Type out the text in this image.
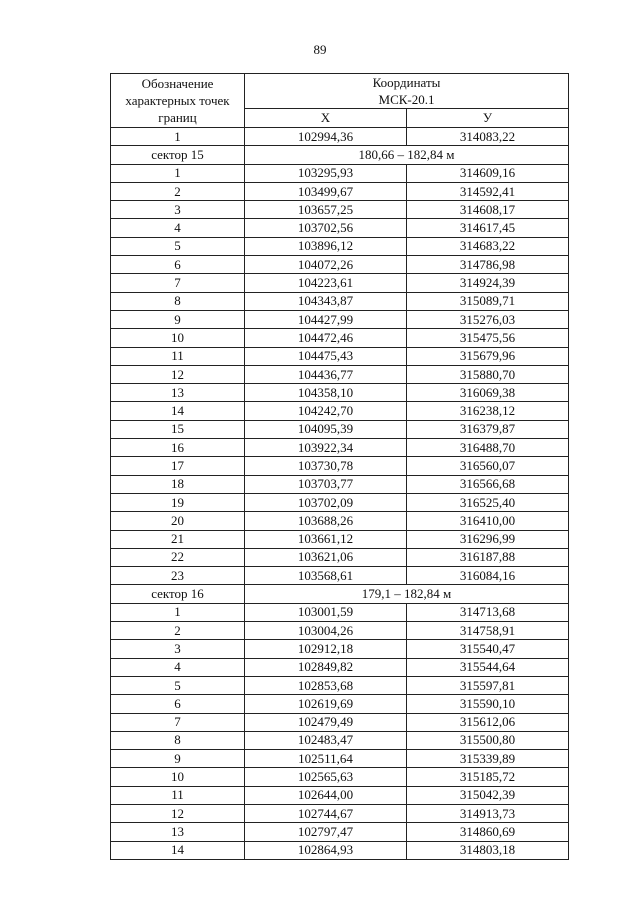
89
Обозначение характерных точек границ	Координаты
МСК-20.1	

	Х	У
1	102994,36	314083,22
сектор 15	180,66 – 182,84 м	
1	103295,93	314609,16
2	103499,67	314592,41
3	103657,25	314608,17
4	103702,56	314617,45
5	103896,12	314683,22
6	104072,26	314786,98
7	104223,61	314924,39
8	104343,87	315089,71
9	104427,99	315276,03
10	104472,46	315475,56
11	104475,43	315679,96
12	104436,77	315880,70
13	104358,10	316069,38
14	104242,70	316238,12
15	104095,39	316379,87
16	103922,34	316488,70
17	103730,78	316560,07
18	103703,77	316566,68
19	103702,09	316525,40
20	103688,26	316410,00
21	103661,12	316296,99
22	103621,06	316187,88
23	103568,61	316084,16
сектор 16	179,1 – 182,84 м	
1	103001,59	314713,68
2	103004,26	314758,91
3	102912,18	315540,47
4	102849,82	315544,64
5	102853,68	315597,81
6	102619,69	315590,10
7	102479,49	315612,06
8	102483,47	315500,80
9	102511,64	315339,89
10	102565,63	315185,72
11	102644,00	315042,39
12	102744,67	314913,73
13	102797,47	314860,69
14	102864,93	314803,18
